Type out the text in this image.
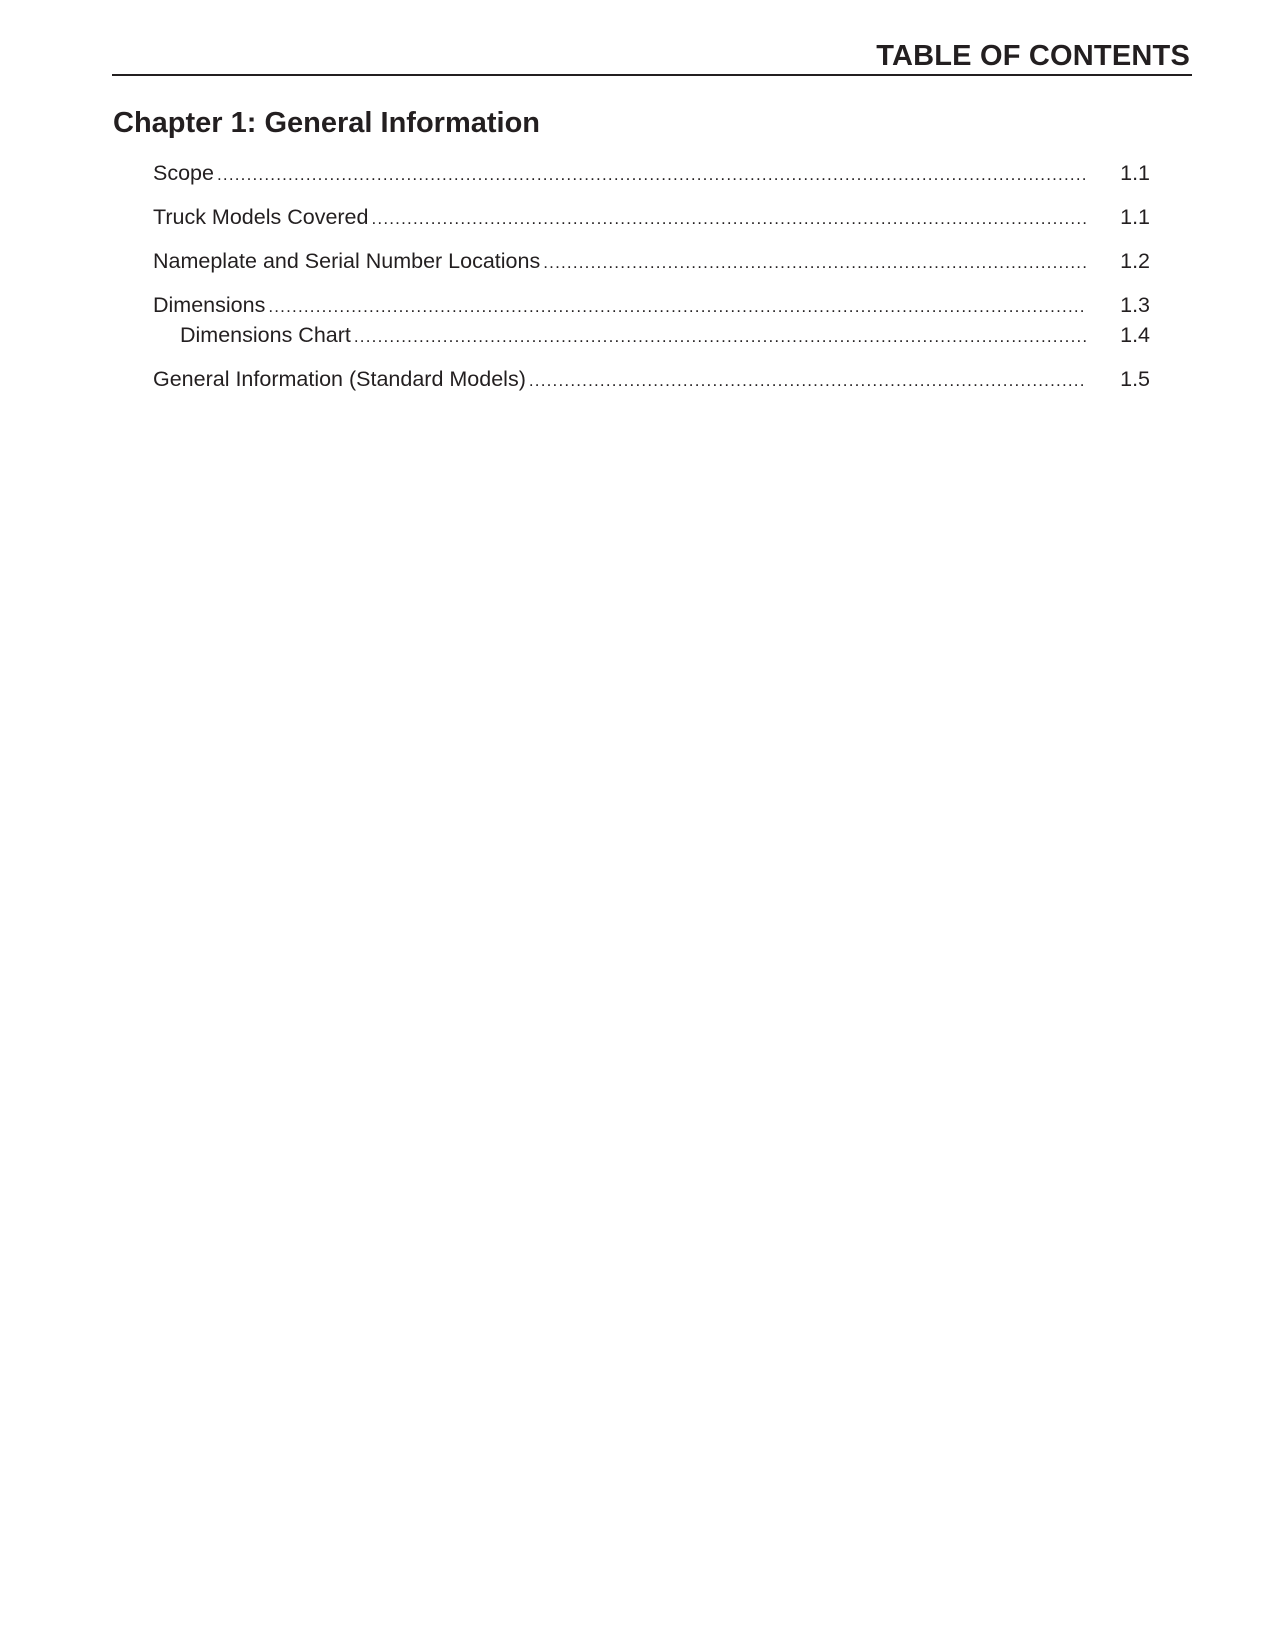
TABLE OF CONTENTS
Chapter 1: General Information
Scope .....	1.1
Truck Models Covered .....	1.1
Nameplate and Serial Number Locations .....	1.2
Dimensions .....	1.3
Dimensions Chart .....	1.4
General Information (Standard Models) .....	1.5
